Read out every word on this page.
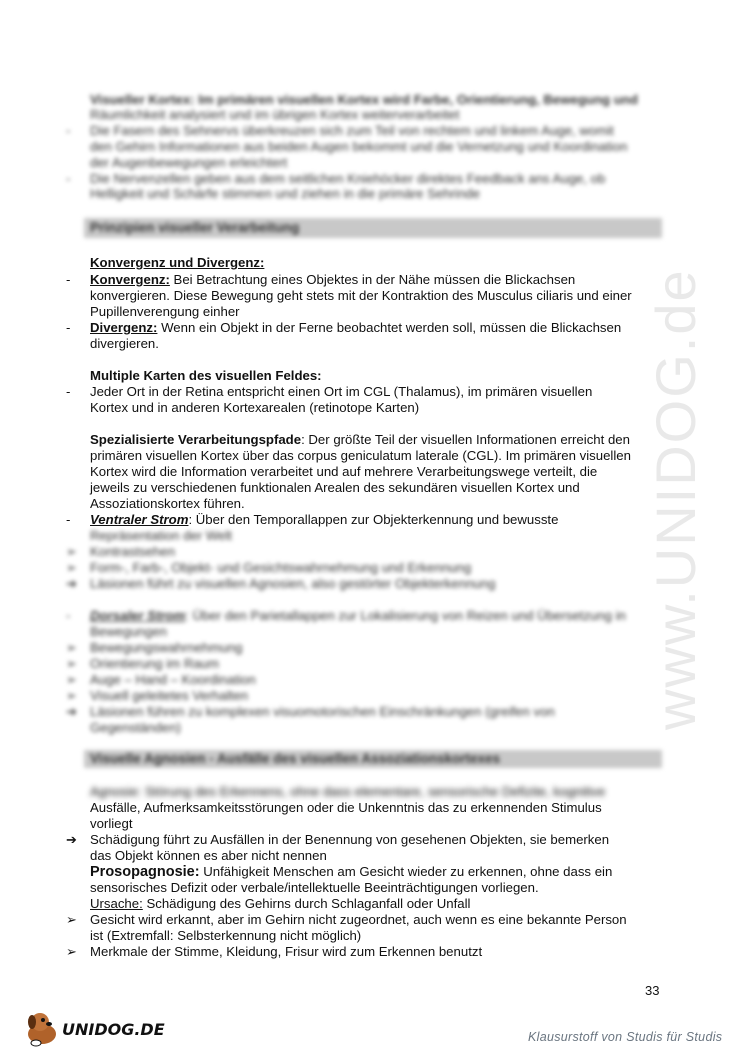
www.UNIDOG.de
Visueller Kortex: Im primären visuellen Kortex wird Farbe, Orientierung, Bewegung und
Räumlichkeit analysiert und im übrigen Kortex weiterverarbeitet
- Die Fasern des Sehnervs überkreuzen sich zum Teil von rechtem und linkem Auge, womit
den Gehirn Informationen aus beiden Augen bekommt und die Vernetzung und Koordination
der Augenbewegungen erleichtert
- Die Nervenzellen geben aus dem seitlichen Kniehöcker direktes Feedback ans Auge, ob
Helligkeit und Schärfe stimmen und ziehen in die primäre Sehrinde
Prinzipien visueller Verarbeitung
Konvergenz und Divergenz:
-	Konvergenz: Bei Betrachtung eines Objektes in der Nähe müssen die Blickachsen
konvergieren. Diese Bewegung geht stets mit der Kontraktion des Musculus ciliaris und einer
Pupillenverengung einher
-	Divergenz: Wenn ein Objekt in der Ferne beobachtet werden soll, müssen die Blickachsen
divergieren.
Multiple Karten des visuellen Feldes:
-	Jeder Ort in der Retina entspricht einen Ort im CGL (Thalamus), im primären visuellen
Kortex und in anderen Kortexarealen (retinotope Karten)
Spezialisierte Verarbeitungspfade: Der größte Teil der visuellen Informationen erreicht den
primären visuellen Kortex über das corpus geniculatum laterale (CGL). Im primären visuellen
Kortex wird die Information verarbeitet und auf mehrere Verarbeitungswege verteilt, die
jeweils zu verschiedenen funktionalen Arealen des sekundären visuellen Kortex und
Assoziationskortex führen.
-	Ventraler Strom: Über den Temporallappen zur Objekterkennung und bewusste
Repräsentation der Welt
➢ Kontrastsehen
➢ Form-, Farb-, Objekt- und Gesichtswahrnehmung und Erkennung
➔ Läsionen führt zu visuellen Agnosien, also gestörter Objekterkennung
-	Dorsaler Strom: Über den Parietallappen zur Lokalisierung von Reizen und Übersetzung in
Bewegungen
➢ Bewegungswahrnehmung
➢ Orientierung im Raum
➢ Auge – Hand – Koordination
➢ Visuell geleitetes Verhalten
➔ Läsionen führen zu komplexen visuomotorischen Einschränkungen (greifen von
Gegenständen)
Visuelle Agnosien - Ausfälle des visuellen Assoziationskortexes
Agnosie: Störung des Erkennens, ohne dass elementare, sensorische Defizite, kognitive
Ausfälle, Aufmerksamkeitsstörungen oder die Unkenntnis das zu erkennenden Stimulus
vorliegt
➔ Schädigung führt zu Ausfällen in der Benennung von gesehenen Objekten, sie bemerken
das Objekt können es aber nicht nennen
Prosopagnosie: Unfähigkeit Menschen am Gesicht wieder zu erkennen, ohne dass ein
sensorisches Defizit oder verbale/intellektuelle Beeinträchtigungen vorliegen.
Ursache: Schädigung des Gehirns durch Schlaganfall oder Unfall
➢ Gesicht wird erkannt, aber im Gehirn nicht zugeordnet, auch wenn es eine bekannte Person
ist (Extremfall: Selbsterkennung nicht möglich)
➢ Merkmale der Stimme, Kleidung, Frisur wird zum Erkennen benutzt
33
UNIDOG.DE	Klausurstoff von Studis für Studis
